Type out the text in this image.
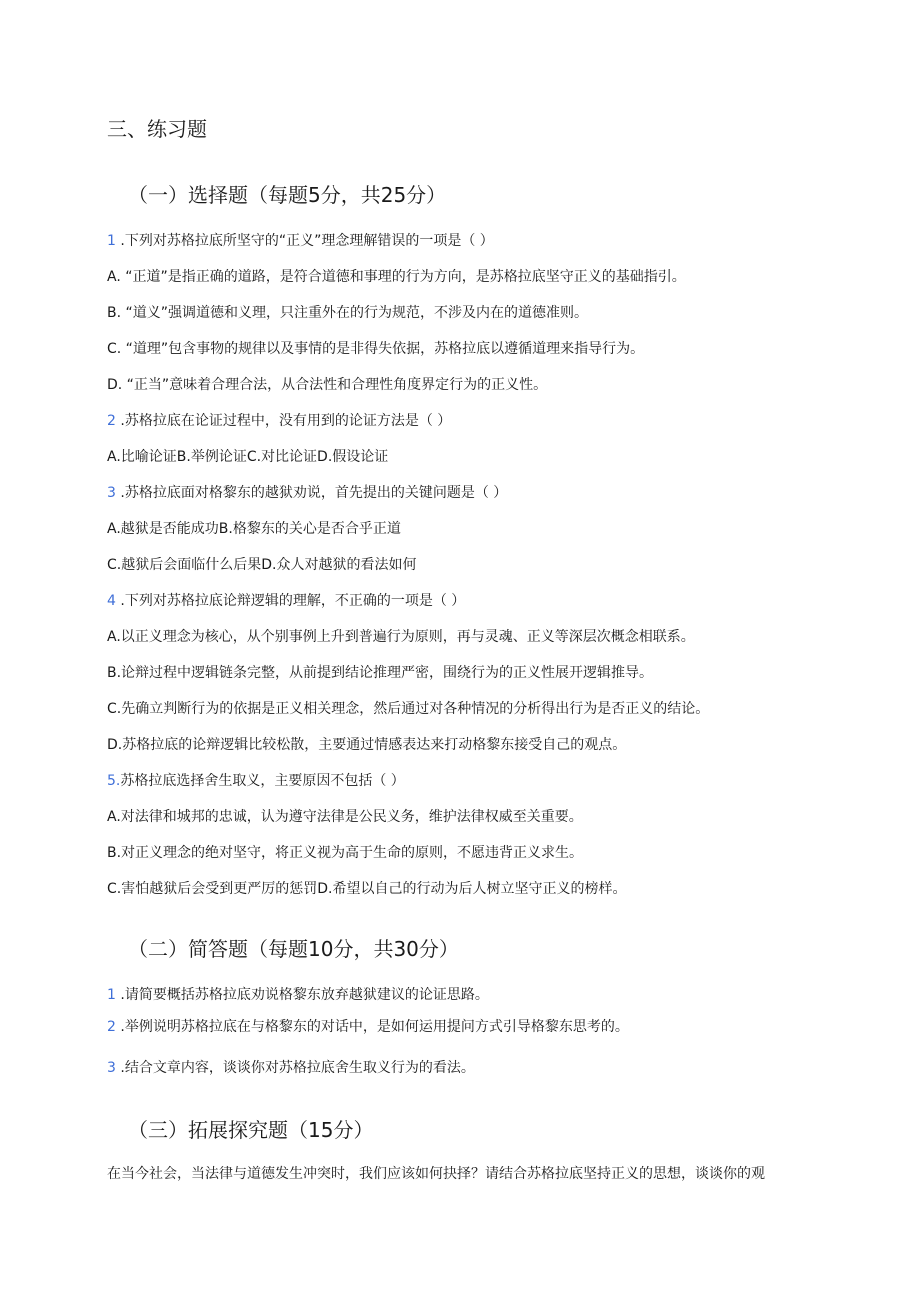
三、练习题
（一）选择题（每题5分，共25分）
1 .下列对苏格拉底所坚守的“正义”理念理解错误的一项是（ ）
A. “正道”是指正确的道路，是符合道德和事理的行为方向，是苏格拉底坚守正义的基础指引。
B. “道义”强调道德和义理，只注重外在的行为规范，不涉及内在的道德准则。
C. “道理”包含事物的规律以及事情的是非得失依据，苏格拉底以遵循道理来指导行为。
D. “正当”意味着合理合法，从合法性和合理性角度界定行为的正义性。
2 .苏格拉底在论证过程中，没有用到的论证方法是（ ）
A.比喻论证B.举例论证C.对比论证D.假设论证
3 .苏格拉底面对格黎东的越狱劝说，首先提出的关键问题是（ ）
A.越狱是否能成功B.格黎东的关心是否合乎正道
C.越狱后会面临什么后果D.众人对越狱的看法如何
4 .下列对苏格拉底论辩逻辑的理解，不正确的一项是（ ）
A.以正义理念为核心，从个别事例上升到普遍行为原则，再与灵魂、正义等深层次概念相联系。
B.论辩过程中逻辑链条完整，从前提到结论推理严密，围绕行为的正义性展开逻辑推导。
C.先确立判断行为的依据是正义相关理念，然后通过对各种情况的分析得出行为是否正义的结论。
D.苏格拉底的论辩逻辑比较松散，主要通过情感表达来打动格黎东接受自己的观点。
5.苏格拉底选择舍生取义，主要原因不包括（ ）
A.对法律和城邦的忠诚，认为遵守法律是公民义务，维护法律权威至关重要。
B.对正义理念的绝对坚守，将正义视为高于生命的原则，不愿违背正义求生。
C.害怕越狱后会受到更严厉的惩罚D.希望以自己的行动为后人树立坚守正义的榜样。
（二）简答题（每题10分，共30分）
1 .请简要概括苏格拉底劝说格黎东放弃越狱建议的论证思路。
2 .举例说明苏格拉底在与格黎东的对话中，是如何运用提问方式引导格黎东思考的。
3 .结合文章内容，谈谈你对苏格拉底舍生取义行为的看法。
（三）拓展探究题（15分）
在当今社会，当法律与道德发生冲突时，我们应该如何抉择？请结合苏格拉底坚持正义的思想，谈谈你的观
